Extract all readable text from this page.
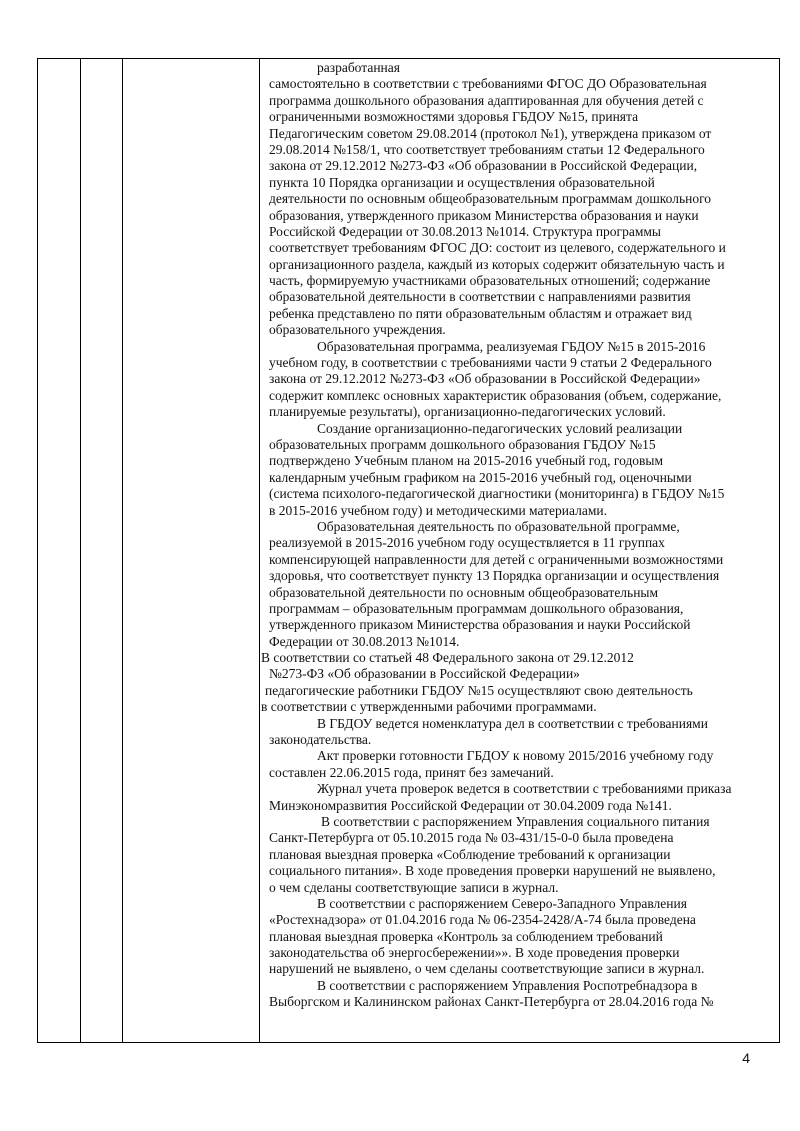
разработанная
самостоятельно в соответствии с требованиями ФГОС ДО Образовательная
программа дошкольного образования адаптированная для обучения детей с
ограниченными возможностями здоровья ГБДОУ №15, принята
Педагогическим советом 29.08.2014 (протокол №1), утверждена приказом от
29.08.2014 №158/1, что соответствует требованиям статьи 12 Федерального
закона от 29.12.2012 №273-ФЗ «Об образовании в Российской Федерации,
пункта 10 Порядка организации и осуществления образовательной
деятельности по основным общеобразовательным программам дошкольного
образования, утвержденного приказом Министерства образования и науки
Российской Федерации от 30.08.2013 №1014. Структура программы
соответствует требованиям ФГОС ДО: состоит из целевого, содержательного и
организационного раздела, каждый из которых содержит обязательную часть и
часть, формируемую участниками образовательных отношений; содержание
образовательной деятельности в соответствии с направлениями развития
ребенка представлено по пяти образовательным областям и отражает вид
образовательного учреждения.
Образовательная программа, реализуемая ГБДОУ №15 в 2015-2016
учебном году, в соответствии с требованиями части 9 статьи 2 Федерального
закона от 29.12.2012 №273-ФЗ «Об образовании в Российской Федерации»
содержит комплекс основных характеристик образования (объем, содержание,
планируемые результаты), организационно-педагогических условий.
Создание организационно-педагогических условий реализации
образовательных программ дошкольного образования ГБДОУ №15
подтверждено Учебным планом на 2015-2016 учебный год, годовым
календарным учебным графиком на 2015-2016 учебный год, оценочными
(система психолого-педагогической диагностики (мониторинга) в ГБДОУ №15
в 2015-2016 учебном году) и методическими материалами.
Образовательная деятельность по образовательной программе,
реализуемой в 2015-2016 учебном году осуществляется в 11 группах
компенсирующей направленности для детей с ограниченными возможностями
здоровья, что соответствует пункту 13 Порядка организации и осуществления
образовательной деятельности по основным общеобразовательным
программам – образовательным программам дошкольного образования,
утвержденного приказом Министерства образования и науки Российской
Федерации от 30.08.2013 №1014.
В соответствии со статьей 48 Федерального закона от 29.12.2012
№273-ФЗ «Об образовании в Российской Федерации»
педагогические работники ГБДОУ №15 осуществляют свою деятельность
в соответствии с утвержденными рабочими программами.
В ГБДОУ ведется номенклатура дел в соответствии с требованиями
законодательства.
Акт проверки готовности ГБДОУ к новому 2015/2016 учебному году
составлен 22.06.2015 года, принят без замечаний.
Журнал учета проверок ведется в соответствии с требованиями приказа
Минэкономразвития Российской Федерации от 30.04.2009 года №141.
В соответствии с распоряжением Управления социального питания
Санкт-Петербурга от 05.10.2015 года № 03-431/15-0-0 была проведена
плановая выездная проверка «Соблюдение требований к организации
социального питания». В ходе проведения проверки нарушений не выявлено,
о чем сделаны соответствующие записи в журнал.
В соответствии с распоряжением Северо-Западного Управления
«Ростехнадзора» от 01.04.2016 года № 06-2354-2428/А-74 была проведена
плановая выездная проверка «Контроль за соблюдением требований
законодательства об энергосбережении»». В ходе проведения проверки
нарушений не выявлено, о чем сделаны соответствующие записи в журнал.
В соответствии с распоряжением Управления Роспотребнадзора в
Выборгском и Калининском районах Санкт-Петербурга от 28.04.2016 года №
4
